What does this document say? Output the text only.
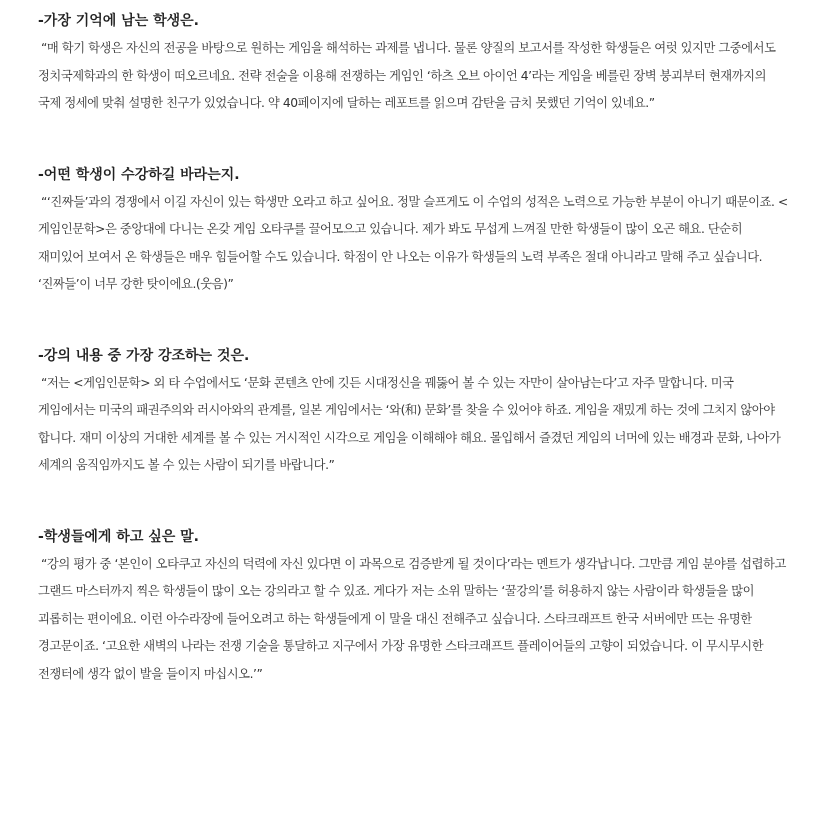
-가장 기억에 남는 학생은.

“매 학기 학생은 자신의 전공을 바탕으로 원하는 게임을 해석하는 과제를 냅니다. 물론 양질의 보고서를 작성한 학생들은 여럿 있지만 그중에서도 정치국제학과의 한 학생이 떠오르네요. 전략 전술을 이용해 전쟁하는 게임인 ‘하츠 오브 아이언 4’라는 게임을 베를린 장벽 붕괴부터 현재까지의 국제 정세에 맞춰 설명한 친구가 있었습니다. 약 40페이지에 달하는 레포트를 읽으며 감탄을 금치 못했던 기억이 있네요.”

-어떤 학생이 수강하길 바라는지.

“‘진짜들’과의 경쟁에서 이길 자신이 있는 학생만 오라고 하고 싶어요. 정말 슬프게도 이 수업의 성적은 노력으로 가능한 부분이 아니기 때문이죠. <게임인문학>은 중앙대에 다니는 온갖 게임 오타쿠를 끌어모으고 있습니다. 제가 봐도 무섭게 느껴질 만한 학생들이 많이 오곤 해요. 단순히 재미있어 보여서 온 학생들은 매우 힘들어할 수도 있습니다. 학점이 안 나오는 이유가 학생들의 노력 부족은 절대 아니라고 말해 주고 싶습니다. ‘진짜들’이 너무 강한 탓이에요.(웃음)”

-강의 내용 중 가장 강조하는 것은.

“저는 <게임인문학> 외 타 수업에서도 ‘문화 콘텐츠 안에 깃든 시대정신을 꿰뚫어 볼 수 있는 자만이 살아남는다’고 자주 말합니다. 미국 게임에서는 미국의 패권주의와 러시아와의 관계를, 일본 게임에서는 ‘와(和) 문화’를 찾을 수 있어야 하죠. 게임을 재밌게 하는 것에 그치지 않아야 합니다. 재미 이상의 거대한 세계를 볼 수 있는 거시적인 시각으로 게임을 이해해야 해요. 몰입해서 즐겼던 게임의 너머에 있는 배경과 문화, 나아가 세계의 움직임까지도 볼 수 있는 사람이 되기를 바랍니다.”

-학생들에게 하고 싶은 말.

“강의 평가 중 ‘본인이 오타쿠고 자신의 덕력에 자신 있다면 이 과목으로 검증받게 될 것이다’라는 멘트가 생각납니다. 그만큼 게임 분야를 섭렵하고 그랜드 마스터까지 찍은 학생들이 많이 오는 강의라고 할 수 있죠. 게다가 저는 소위 말하는 ‘꿀강의’를 허용하지 않는 사람이라 학생들을 많이 괴롭히는 편이에요. 이런 아수라장에 들어오려고 하는 학생들에게 이 말을 대신 전해주고 싶습니다. 스타크래프트 한국 서버에만 뜨는 유명한 경고문이죠. ‘고요한 새벽의 나라는 전쟁 기술을 통달하고 지구에서 가장 유명한 스타크래프트 플레이어들의 고향이 되었습니다. 이 무시무시한 전쟁터에 생각 없이 발을 들이지 마십시오.’”
